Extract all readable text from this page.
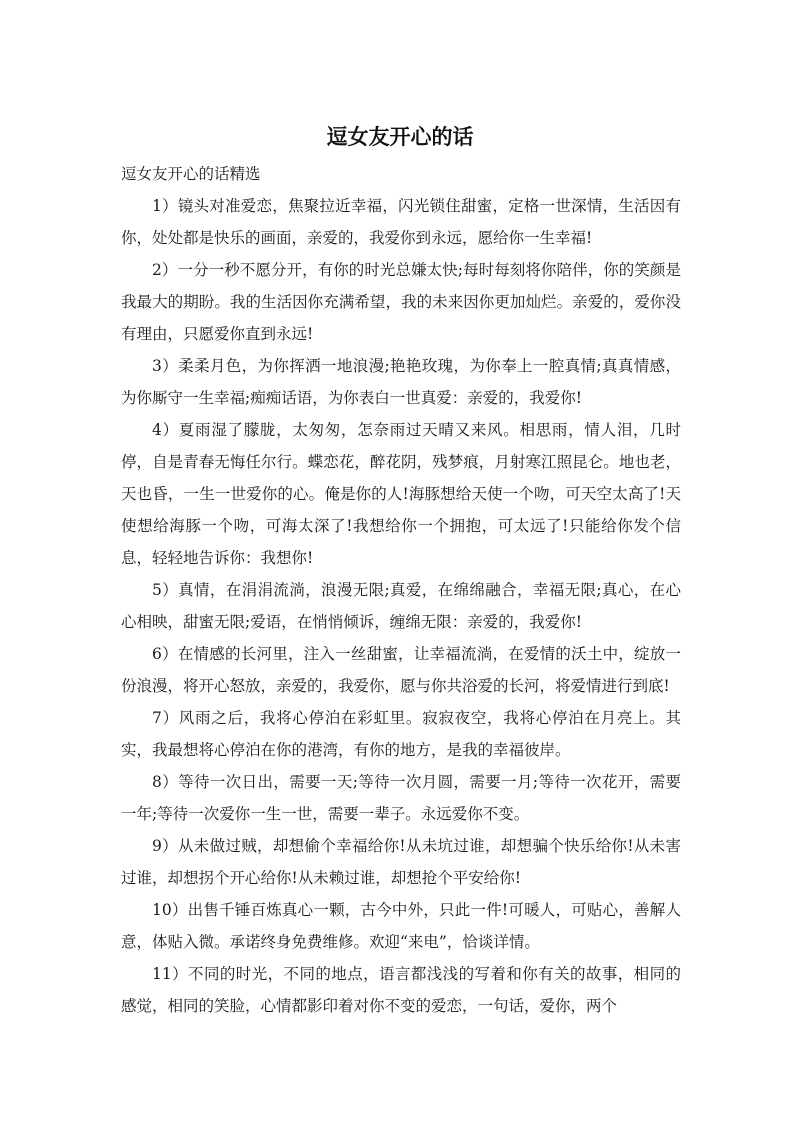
逗女友开心的话

逗女友开心的话精选

1）镜头对准爱恋，焦聚拉近幸福，闪光锁住甜蜜，定格一世深情，生活因有你，处处都是快乐的画面，亲爱的，我爱你到永远，愿给你一生幸福!

2）一分一秒不愿分开，有你的时光总嫌太快;每时每刻将你陪伴，你的笑颜是我最大的期盼。我的生活因你充满希望，我的未来因你更加灿烂。亲爱的，爱你没有理由，只愿爱你直到永远!

3）柔柔月色，为你挥洒一地浪漫;艳艳玫瑰，为你奉上一腔真情;真真情感，为你厮守一生幸福;痴痴话语，为你表白一世真爱：亲爱的，我爱你!

4）夏雨湿了朦胧，太匆匆，怎奈雨过天晴又来风。相思雨，情人泪，几时停，自是青春无悔任尔行。蝶恋花，醉花阴，残梦痕，月射寒江照昆仑。地也老，天也昏，一生一世爱你的心。俺是你的人!海豚想给天使一个吻，可天空太高了!天使想给海豚一个吻，可海太深了!我想给你一个拥抱，可太远了!只能给你发个信息，轻轻地告诉你：我想你!

5）真情，在涓涓流淌，浪漫无限;真爱，在绵绵融合，幸福无限;真心，在心心相映，甜蜜无限;爱语，在悄悄倾诉，缠绵无限：亲爱的，我爱你!

6）在情感的长河里，注入一丝甜蜜，让幸福流淌，在爱情的沃土中，绽放一份浪漫，将开心怒放，亲爱的，我爱你，愿与你共浴爱的长河，将爱情进行到底!

7）风雨之后，我将心停泊在彩虹里。寂寂夜空，我将心停泊在月亮上。其实，我最想将心停泊在你的港湾，有你的地方，是我的幸福彼岸。

8）等待一次日出，需要一天;等待一次月圆，需要一月;等待一次花开，需要一年;等待一次爱你一生一世，需要一辈子。永远爱你不变。

9）从未做过贼，却想偷个幸福给你!从未坑过谁，却想骗个快乐给你!从未害过谁，却想拐个开心给你!从未赖过谁，却想抢个平安给你!

10）出售千锤百炼真心一颗，古今中外，只此一件!可暖人，可贴心，善解人意，体贴入微。承诺终身免费维修。欢迎“来电”，恰谈详情。

11）不同的时光，不同的地点，语言都浅浅的写着和你有关的故事，相同的感觉，相同的笑脸，心情都影印着对你不变的爱恋，一句话，爱你，两个
